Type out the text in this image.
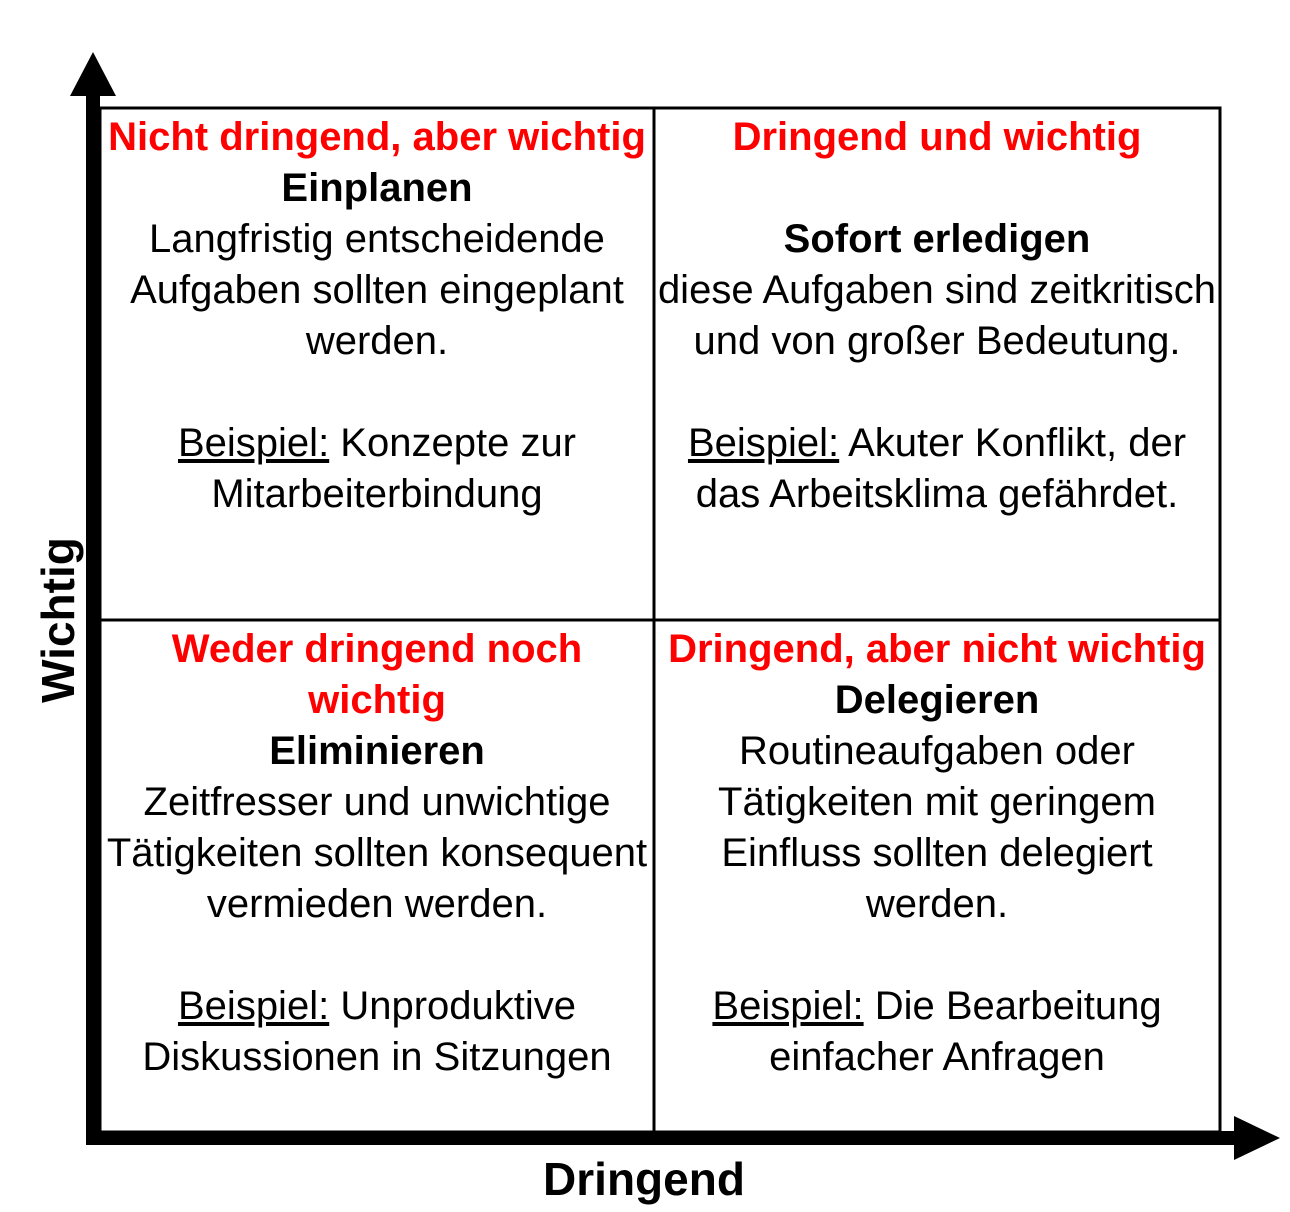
Nicht dringend, aber wichtig
Einplanen
Langfristig entscheidende Aufgaben sollten eingeplant werden.
Beispiel: Konzepte zur Mitarbeiterbindung
Dringend und wichtig
Sofort erledigen
diese Aufgaben sind zeitkritisch und von großer Bedeutung.
Beispiel: Akuter Konflikt, der das Arbeitsklima gefährdet.
Weder dringend noch wichtig
Eliminieren
Zeitfresser und unwichtige Tätigkeiten sollten konsequent vermieden werden.
Beispiel: Unproduktive Diskussionen in Sitzungen
Dringend, aber nicht wichtig
Delegieren
Routineaufgaben oder Tätigkeiten mit geringem Einfluss sollten delegiert werden.
Beispiel: Die Bearbeitung einfacher Anfragen
Wichtig
Dringend
